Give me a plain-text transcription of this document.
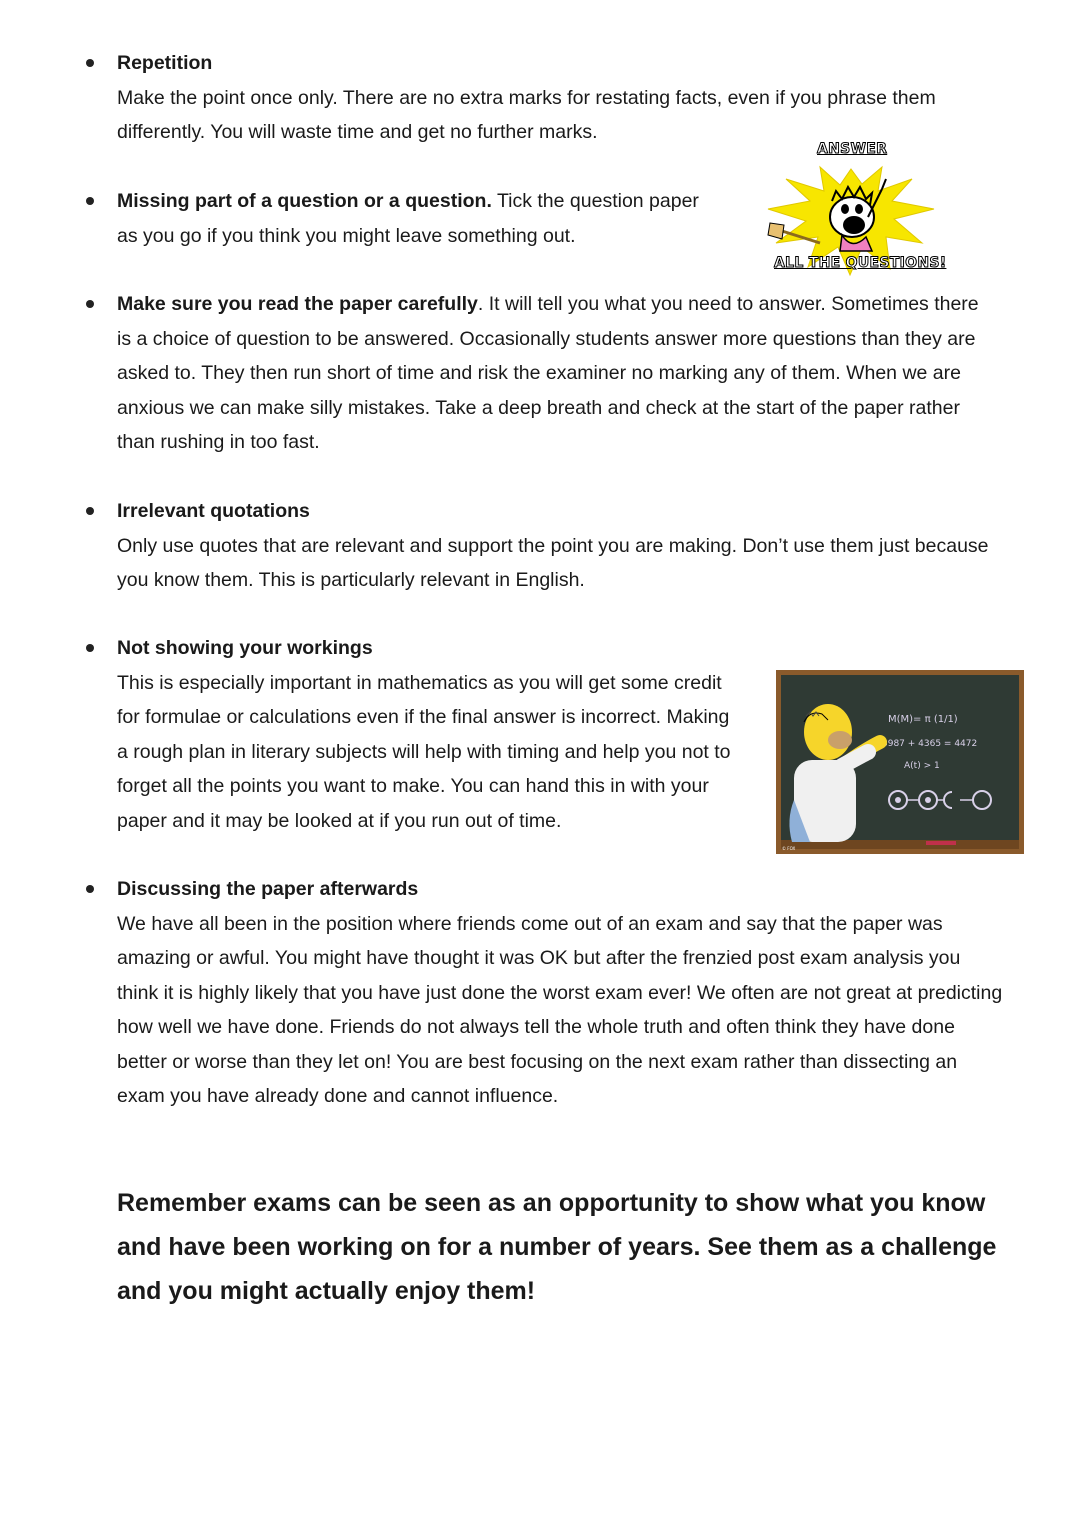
Repetition

Make the point once only. There are no extra marks for restating facts, even if you phrase them

differently. You will waste time and get no further marks.

ANSWER
ALL THE QUESTIONS!

Missing part of a question or a question. Tick the question paper

as you go if you think you might leave something out.

Make sure you read the paper carefully. It will tell you what you need to answer. Sometimes there

is a choice of question to be answered. Occasionally students answer more questions than they are

asked to. They then run short of time and risk the examiner no marking any of them. When we are

anxious we can make silly mistakes. Take a deep breath and check at the start of the paper rather

than rushing in too fast.

Irrelevant quotations

Only use quotes that are relevant and support the point you are making. Don’t use them just because

you know them. This is particularly relevant in English.

Not showing your workings

This is especially important in mathematics as you will get some credit

for formulae or calculations even if the final answer is incorrect. Making

a rough plan in literary subjects will help with timing and help you not to

forget all the points you want to make. You can hand this in with your

paper and it may be looked at if you run out of time.

M(M)= π (1/1)
3987 + 4365 = 4472
A(t) > 1
© FOX
Discussing the paper afterwards

We have all been in the position where friends come out of an exam and say that the paper was

amazing or awful. You might have thought it was OK but after the frenzied post exam analysis you

think it is highly likely that you have just done the worst exam ever! We often are not great at predicting

how well we have done. Friends do not always tell the whole truth and often think they have done

better or worse than they let on! You are best focusing on the next exam rather than dissecting an

exam you have already done and cannot influence.

Remember exams can be seen as an opportunity to show what you know
and have been working on for a number of years. See them as a challenge
and you might actually enjoy them!
